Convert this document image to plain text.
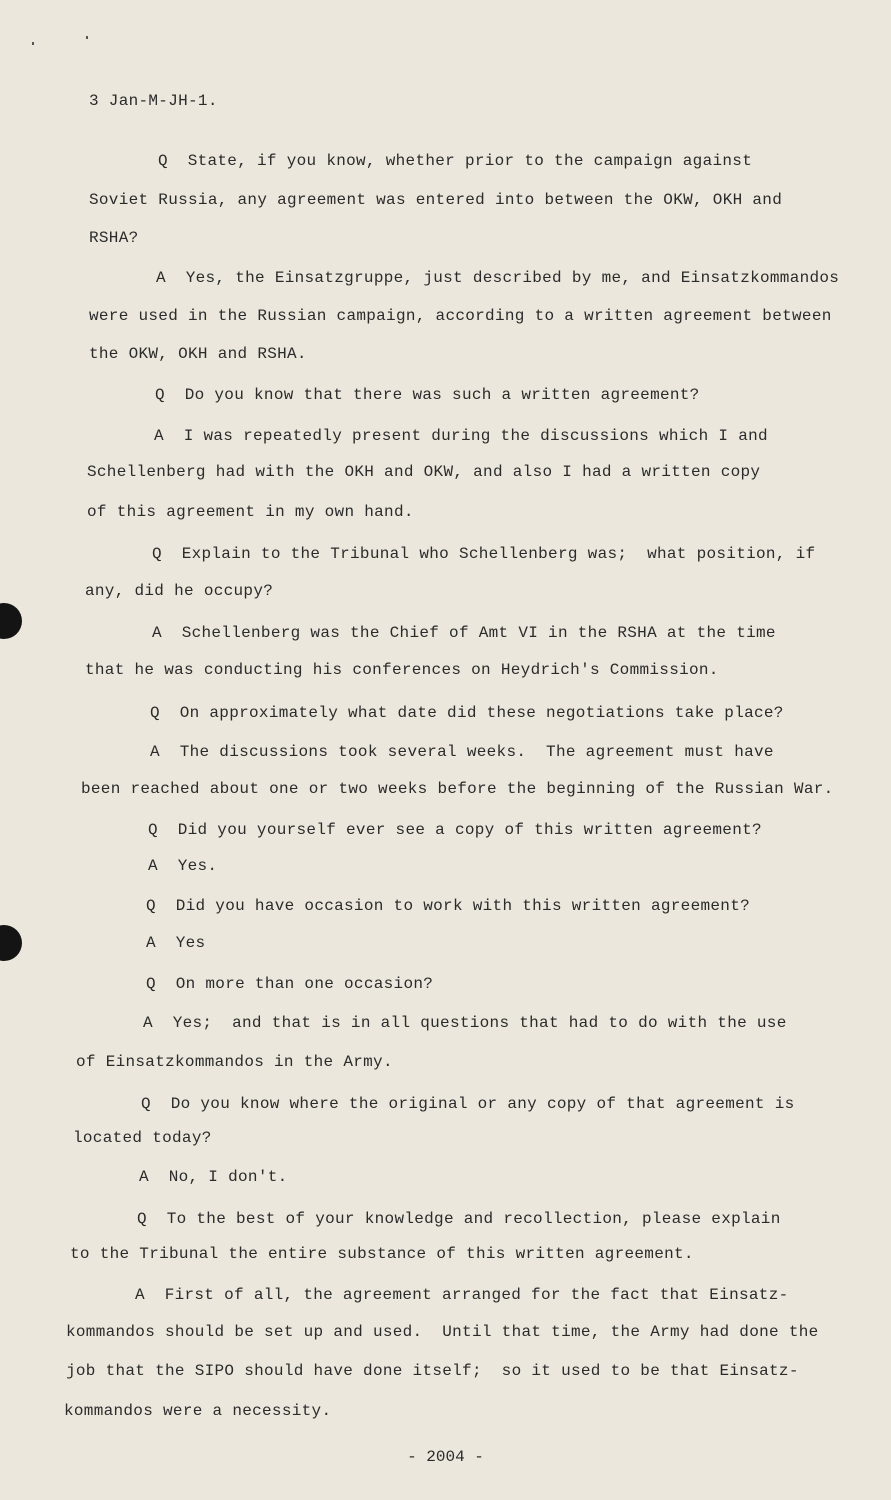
3 Jan-M-JH-1.
Q  State, if you know, whether prior to the campaign against
Soviet Russia, any agreement was entered into between the OKW, OKH and
RSHA?
A  Yes, the Einsatzgruppe, just described by me, and Einsatzkommandos
were used in the Russian campaign, according to a written agreement between
the OKW, OKH and RSHA.
Q  Do you know that there was such a written agreement?
A  I was repeatedly present during the discussions which I and
Schellenberg had with the OKH and OKW, and also I had a written copy
of this agreement in my own hand.
Q  Explain to the Tribunal who Schellenberg was;  what position, if
any, did he occupy?
A  Schellenberg was the Chief of Amt VI in the RSHA at the time
that he was conducting his conferences on Heydrich's Commission.
Q  On approximately what date did these negotiations take place?
A  The discussions took several weeks.  The agreement must have
been reached about one or two weeks before the beginning of the Russian War.
Q  Did you yourself ever see a copy of this written agreement?
A  Yes.
Q  Did you have occasion to work with this written agreement?
A  Yes
Q  On more than one occasion?
A  Yes;  and that is in all questions that had to do with the use
of Einsatzkommandos in the Army.
Q  Do you know where the original or any copy of that agreement is
located today?
A  No, I don't.
Q  To the best of your knowledge and recollection, please explain
to the Tribunal the entire substance of this written agreement.
A  First of all, the agreement arranged for the fact that Einsatz-
kommandos should be set up and used.  Until that time, the Army had done the
job that the SIPO should have done itself;  so it used to be that Einsatz-
kommandos were a necessity.
- 2004 -
